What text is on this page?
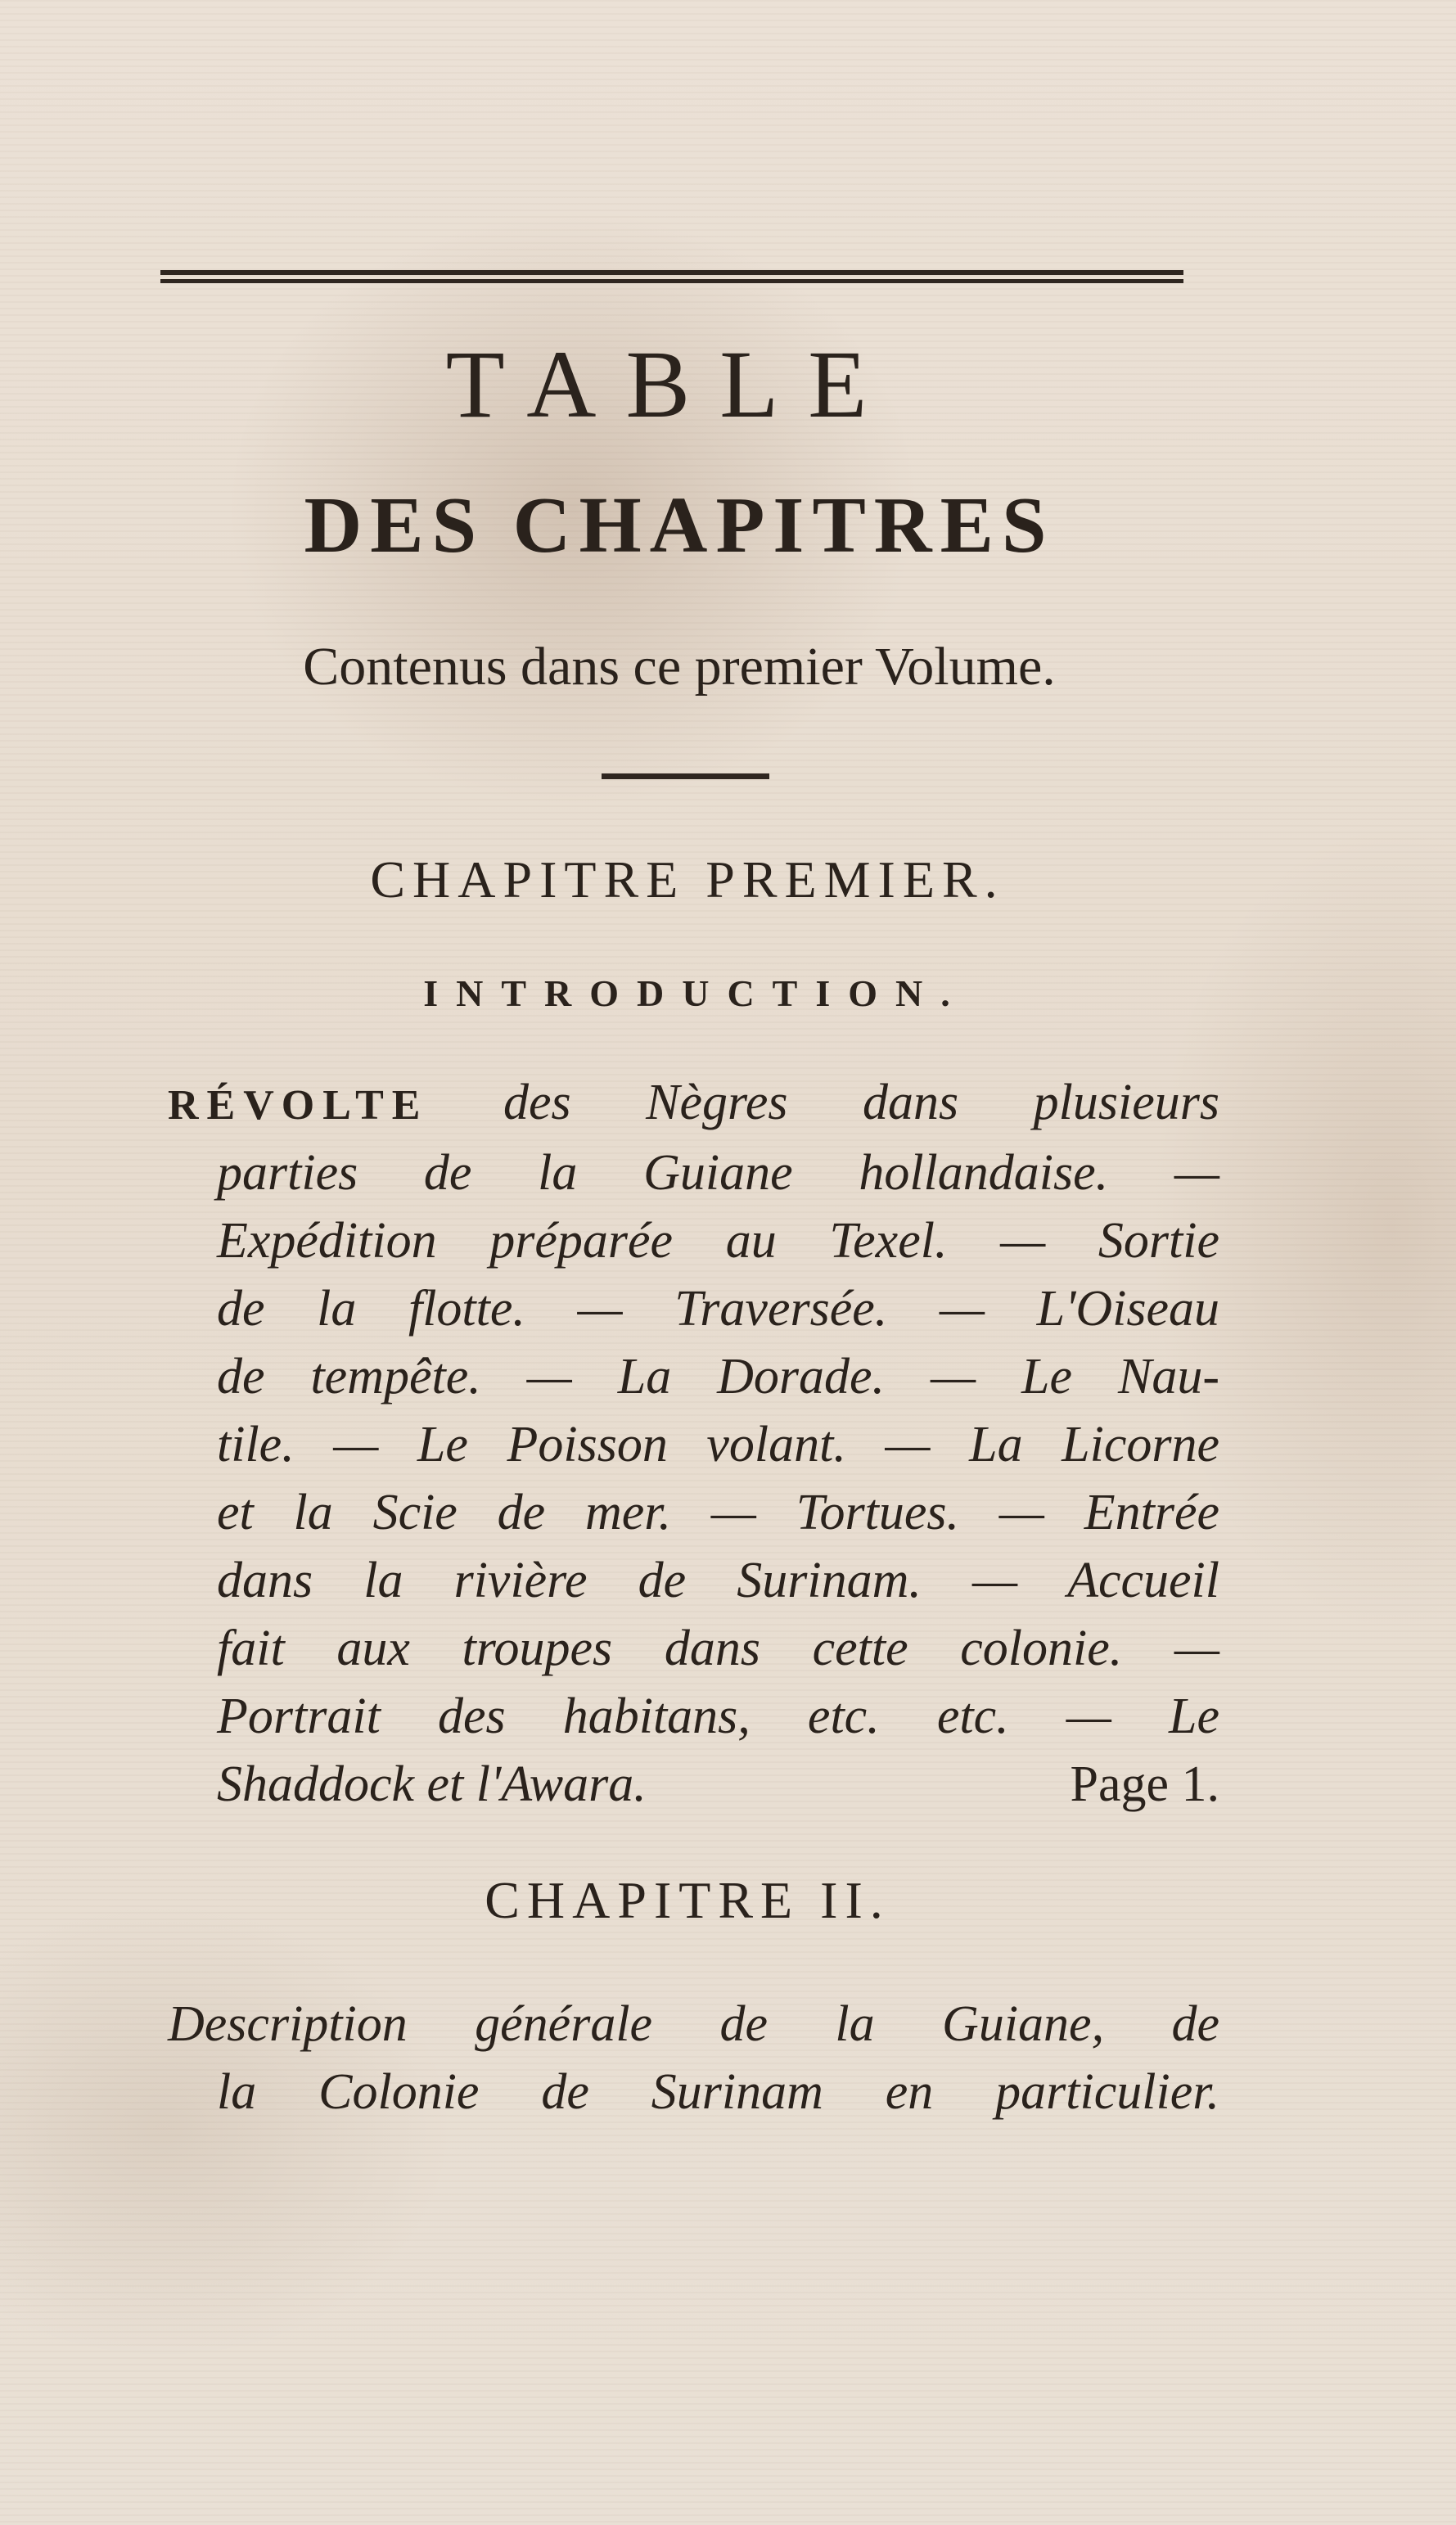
TABLE
DES CHAPITRES
Contenus dans ce premier Volume.
CHAPITRE PREMIER.
INTRODUCTION.
RÉVOLTE des Nègres dans plusieurs
parties de la Guiane hollandaise. —
Expédition préparée au Texel. — Sortie
de la flotte. — Traversée. — L'Oiseau
de tempête. — La Dorade. — Le Nau-
tile. — Le Poisson volant. — La Licorne
et la Scie de mer. — Tortues. — Entrée
dans la rivière de Surinam. — Accueil
fait aux troupes dans cette colonie. —
Portrait des habitans, etc. etc. — Le
Shaddock et l'Awara.	Page 1.
CHAPITRE II.
Description générale de la Guiane, de
la Colonie de Surinam en particulier.
